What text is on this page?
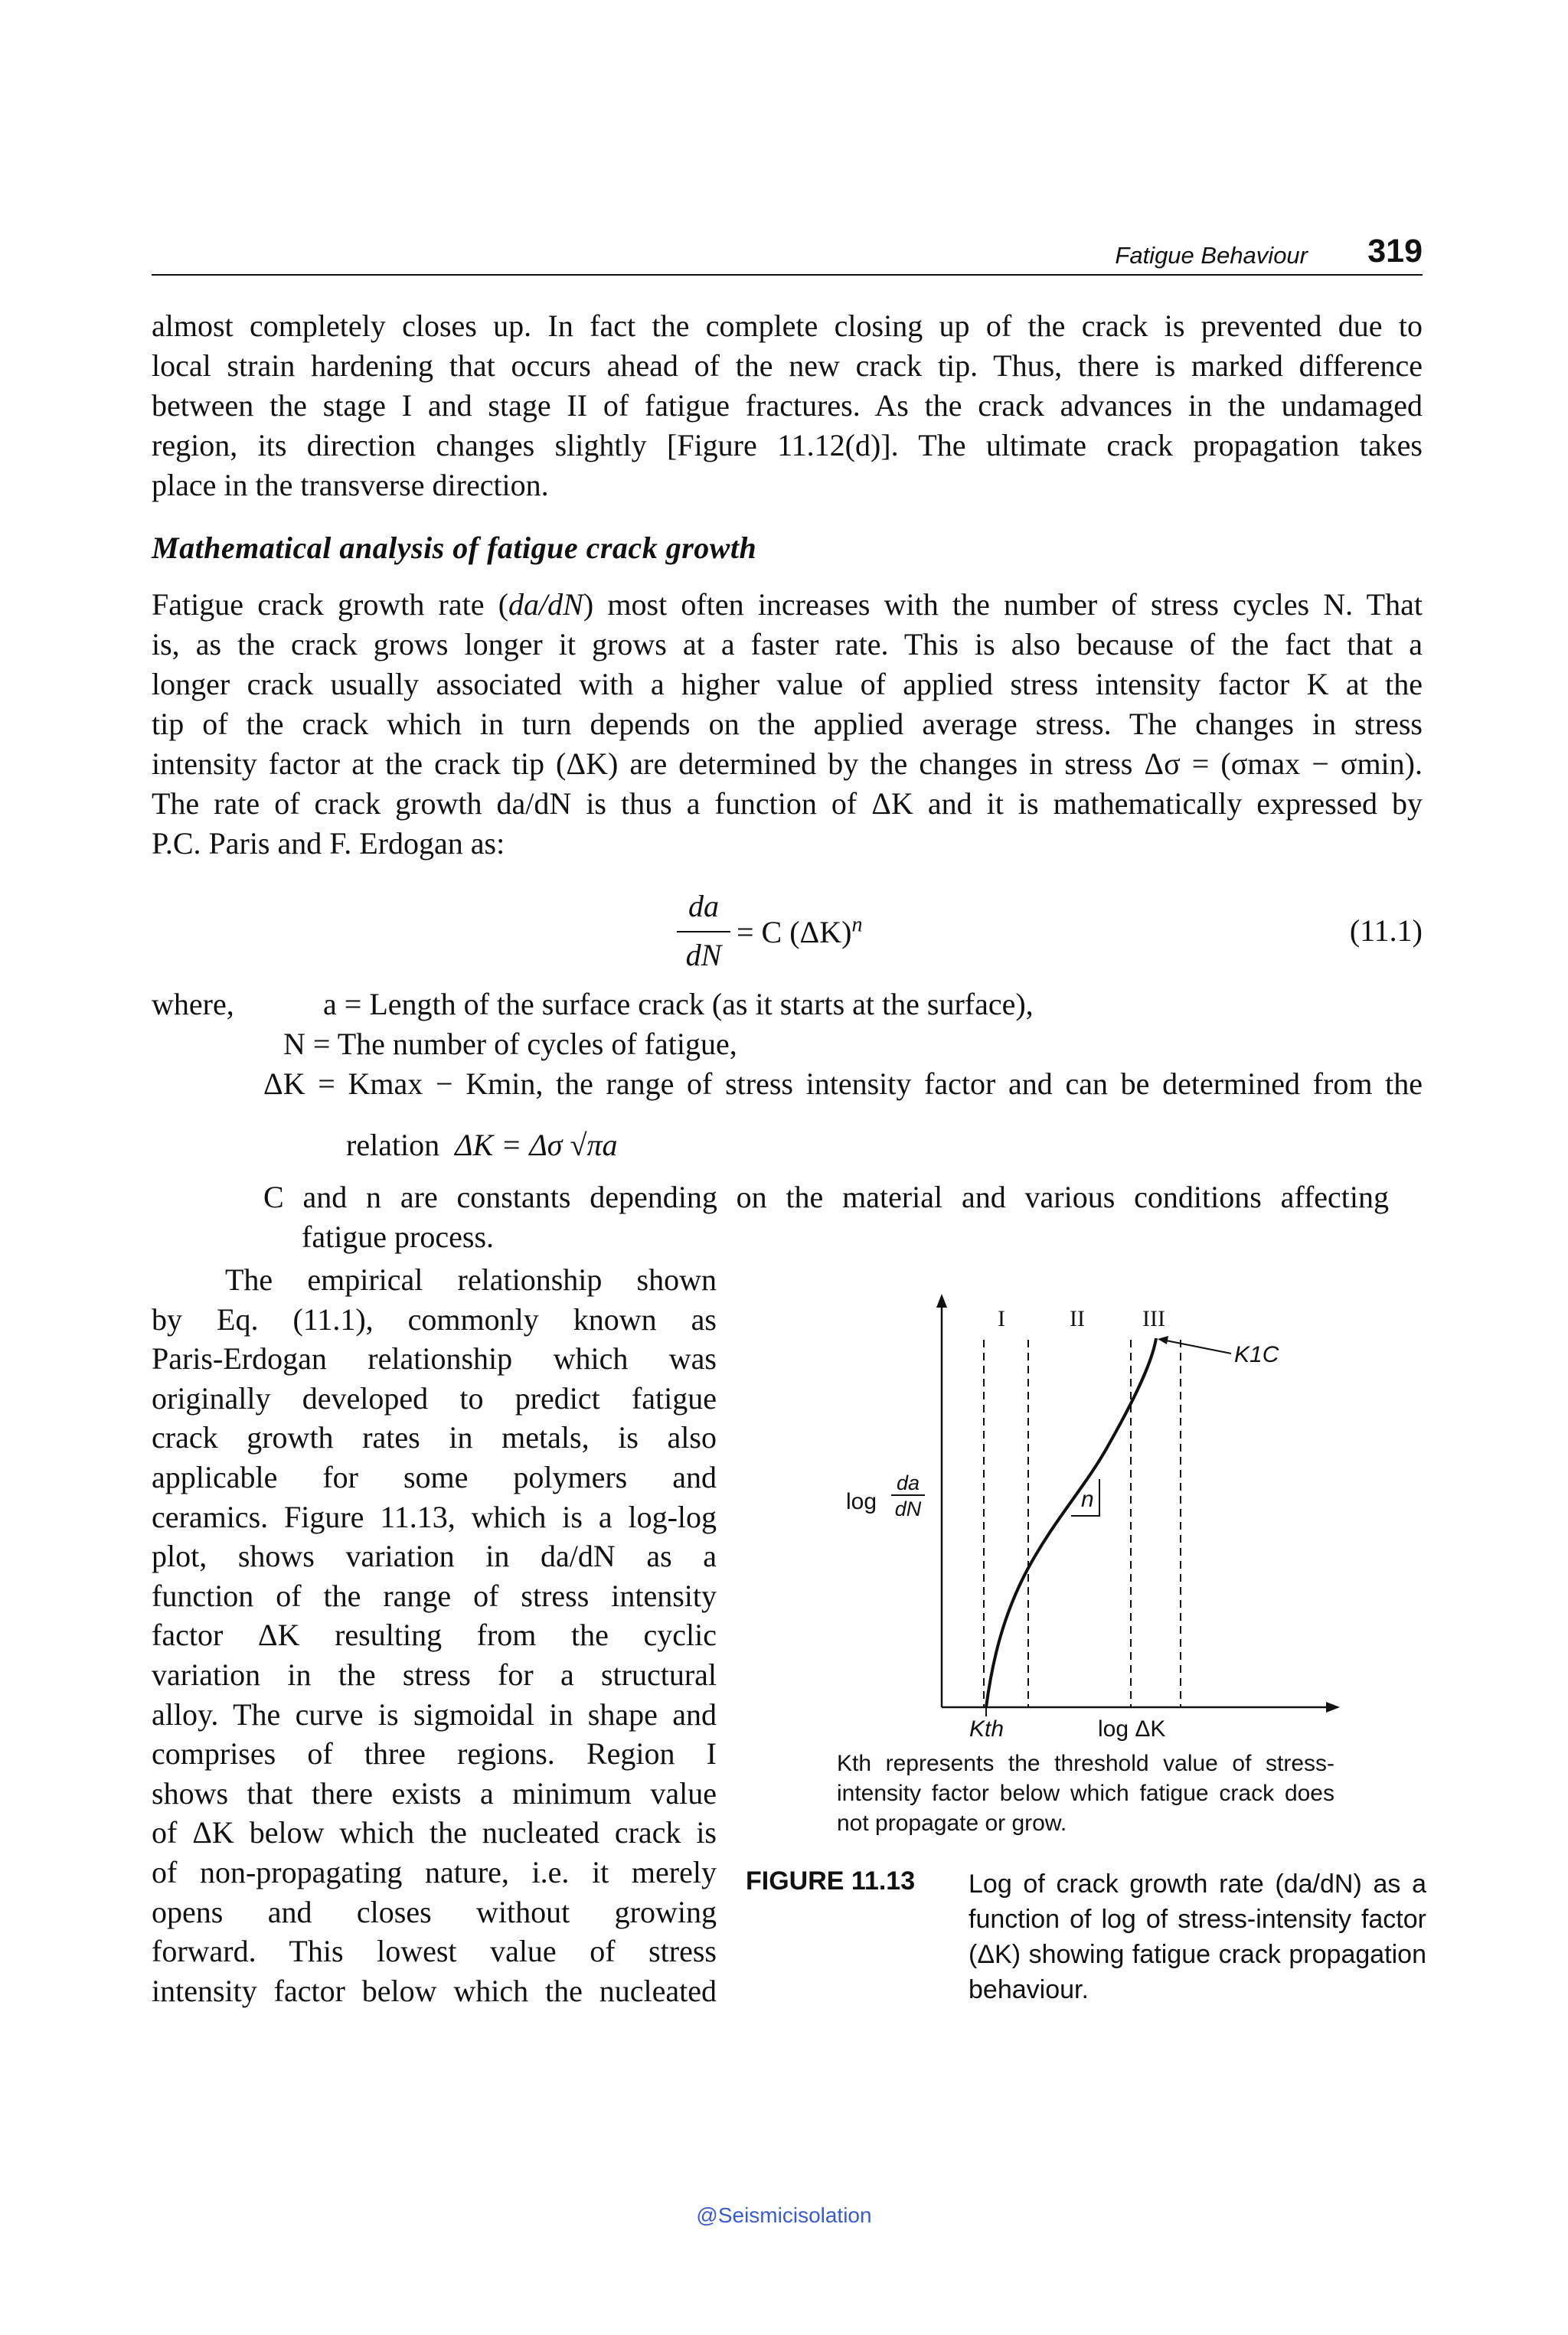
Fatigue Behaviour 319
almost completely closes up. In fact the complete closing up of the crack is prevented due to
local strain hardening that occurs ahead of the new crack tip. Thus, there is marked difference
between the stage I and stage II of fatigue fractures. As the crack advances in the undamaged
region, its direction changes slightly [Figure 11.12(d)]. The ultimate crack propagation takes
place in the transverse direction.
Mathematical analysis of fatigue crack growth
Fatigue crack growth rate (da/dN) most often increases with the number of stress cycles N. That
is, as the crack grows longer it grows at a faster rate. This is also because of the fact that a
longer crack usually associated with a higher value of applied stress intensity factor K at the
tip of the crack which in turn depends on the applied average stress. The changes in stress
intensity factor at the crack tip (ΔK) are determined by the changes in stress Δσ = (σmax − σmin).
The rate of crack growth da/dN is thus a function of ΔK and it is mathematically expressed by
P.C. Paris and F. Erdogan as:
da
dN
= C $(\Delta K)^n$	(11.1)
where,	a = Length of the surface crack (as it starts at the surface),
N = The number of cycles of fatigue,
ΔK = Kmax − Kmin, the range of stress intensity factor and can be determined from the
relation ΔK = Δσ √πa
C and n are constants depending on the material and various conditions affecting
fatigue process.

The empirical relationship shown

by Eq. (11.1), commonly known as

Paris-Erdogan relationship which was

originally developed to predict fatigue

crack growth rates in metals, is also

applicable for some polymers and

ceramics. Figure 11.13, which is a log-log

plot, shows variation in da/dN as a

function of the range of stress intensity

factor ΔK resulting from the cyclic

variation in the stress for a structural

alloy. The curve is sigmoidal in shape and

comprises of three regions. Region I

shows that there exists a minimum value

of ΔK below which the nucleated crack is

of non-propagating nature, i.e. it merely

opens and closes without growing

forward. This lowest value of stress

intensity factor below which the nucleated

I	II	III
log
da
dN	n
K1C
Kth	log ΔK
Kth represents the threshold value of stress-intensity factor below which fatigue crack does not propagate or grow.
FIGURE 11.13 Log of crack growth rate (da/dN) as a function of log of stress-intensity factor (ΔK) showing fatigue crack propagation behaviour.
@Seismicisolation
